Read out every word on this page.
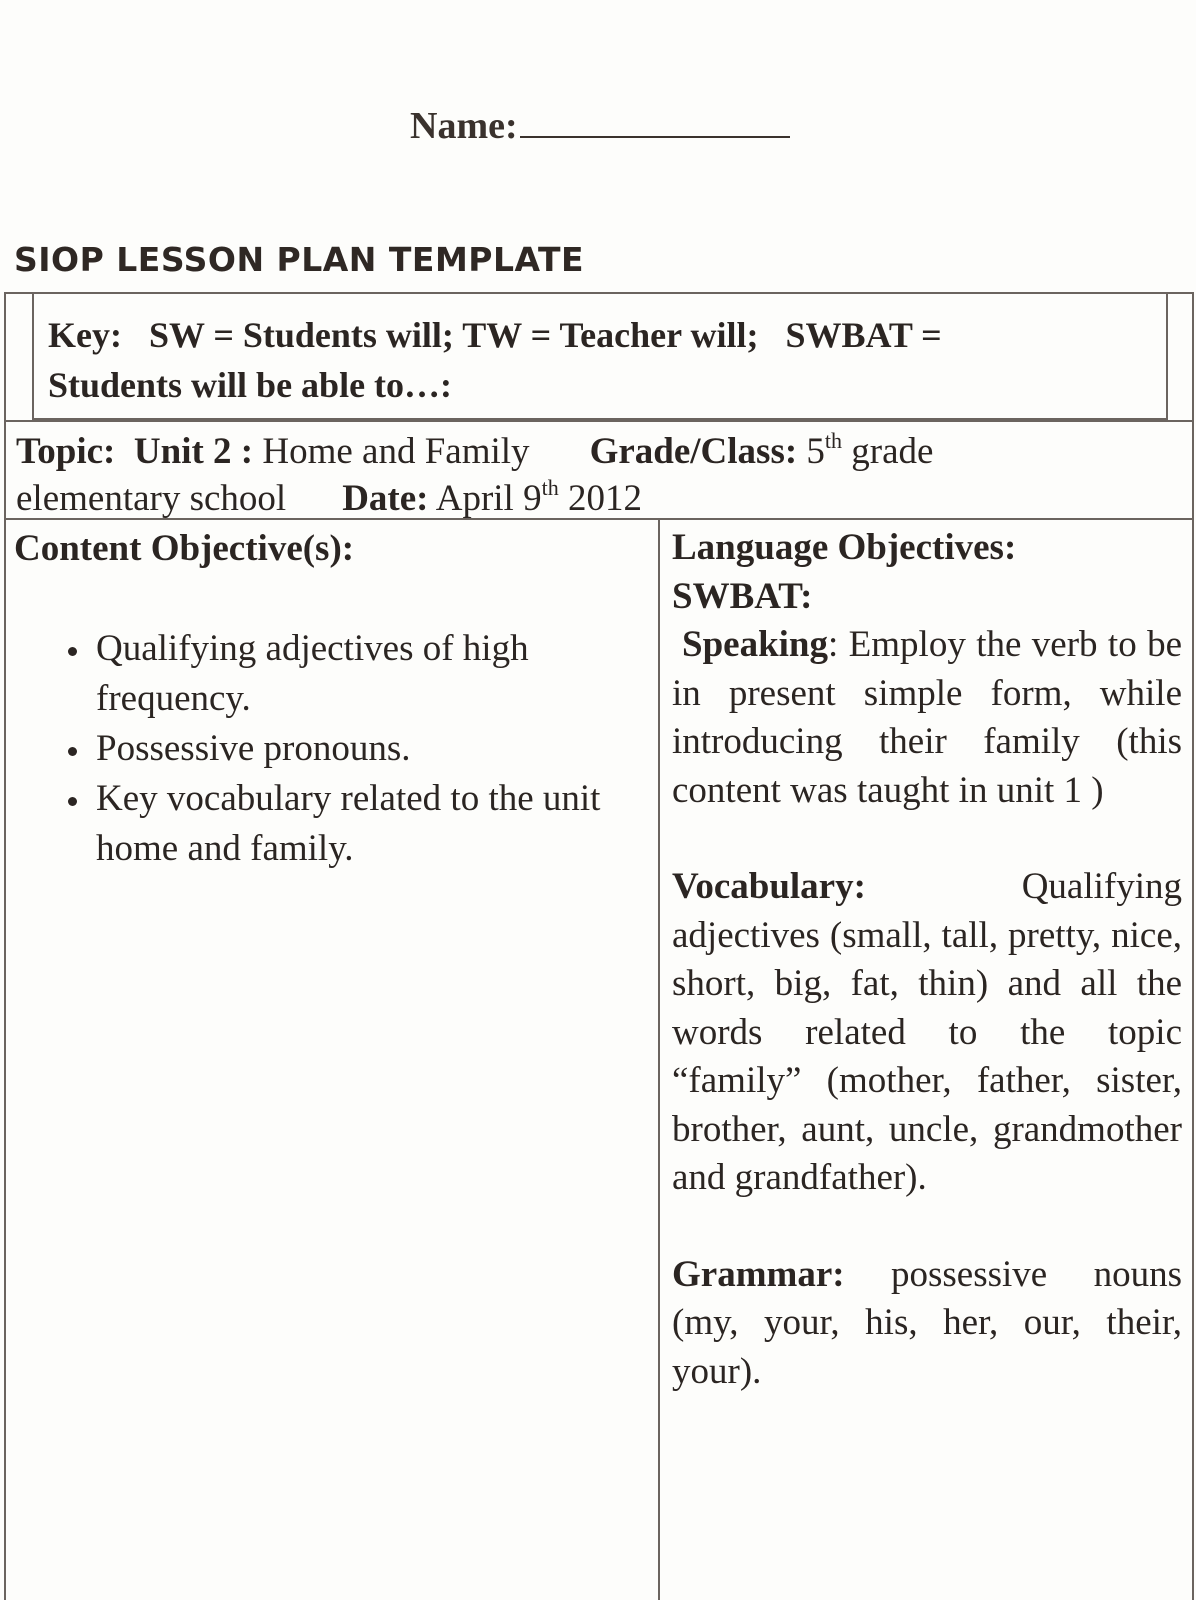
Name:
SIOP LESSON PLAN TEMPLATE
Key:   SW = Students will; TW = Teacher will;   SWBAT =
Students will be able to…:
Topic: Unit 2 : Home and Family Grade/Class: 5th grade
elementary school Date: April 9th 2012
Content Objective(s):
• Qualifying adjectives of high frequency.
• Possessive pronouns.
• Key vocabulary related to the unit home and family.
Language Objectives:
SWBAT:
Speaking: Employ the verb to be in present simple form, while introducing their family (this content was taught in unit 1 )
Vocabulary:	Qualifying adjectives (small, tall, pretty, nice, short, big, fat, thin) and all the words related to the topic “family” (mother, father, sister, brother, aunt, uncle, grandmother and grandfather).
Grammar: possessive nouns (my, your, his, her, our, their, your).
